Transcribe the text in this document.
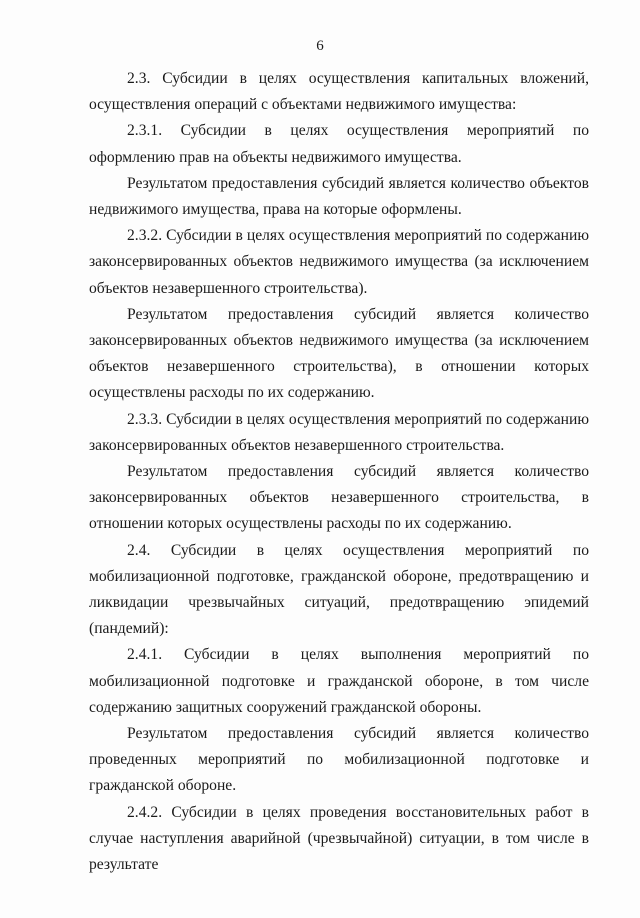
6

2.3. Субсидии в целях осуществления капитальных вложений, осуществления операций с объектами недвижимого имущества:

2.3.1. Субсидии в целях осуществления мероприятий по оформлению прав на объекты недвижимого имущества.

Результатом предоставления субсидий является количество объектов недвижимого имущества, права на которые оформлены.

2.3.2. Субсидии в целях осуществления мероприятий по содержанию законсервированных объектов недвижимого имущества (за исключением объектов незавершенного строительства).

Результатом предоставления субсидий является количество законсервированных объектов недвижимого имущества (за исключением объектов незавершенного строительства), в отношении которых осуществлены расходы по их содержанию.

2.3.3. Субсидии в целях осуществления мероприятий по содержанию законсервированных объектов незавершенного строительства.

Результатом предоставления субсидий является количество законсервированных объектов незавершенного строительства, в отношении которых осуществлены расходы по их содержанию.

2.4. Субсидии в целях осуществления мероприятий по мобилизационной подготовке, гражданской обороне, предотвращению и ликвидации чрезвычайных ситуаций, предотвращению эпидемий (пандемий):

2.4.1. Субсидии в целях выполнения мероприятий по мобилизационной подготовке и гражданской обороне, в том числе содержанию защитных сооружений гражданской обороны.

Результатом предоставления субсидий является количество проведенных мероприятий по мобилизационной подготовке и гражданской обороне.

2.4.2. Субсидии в целях проведения восстановительных работ в случае наступления аварийной (чрезвычайной) ситуации, в том числе в результате
